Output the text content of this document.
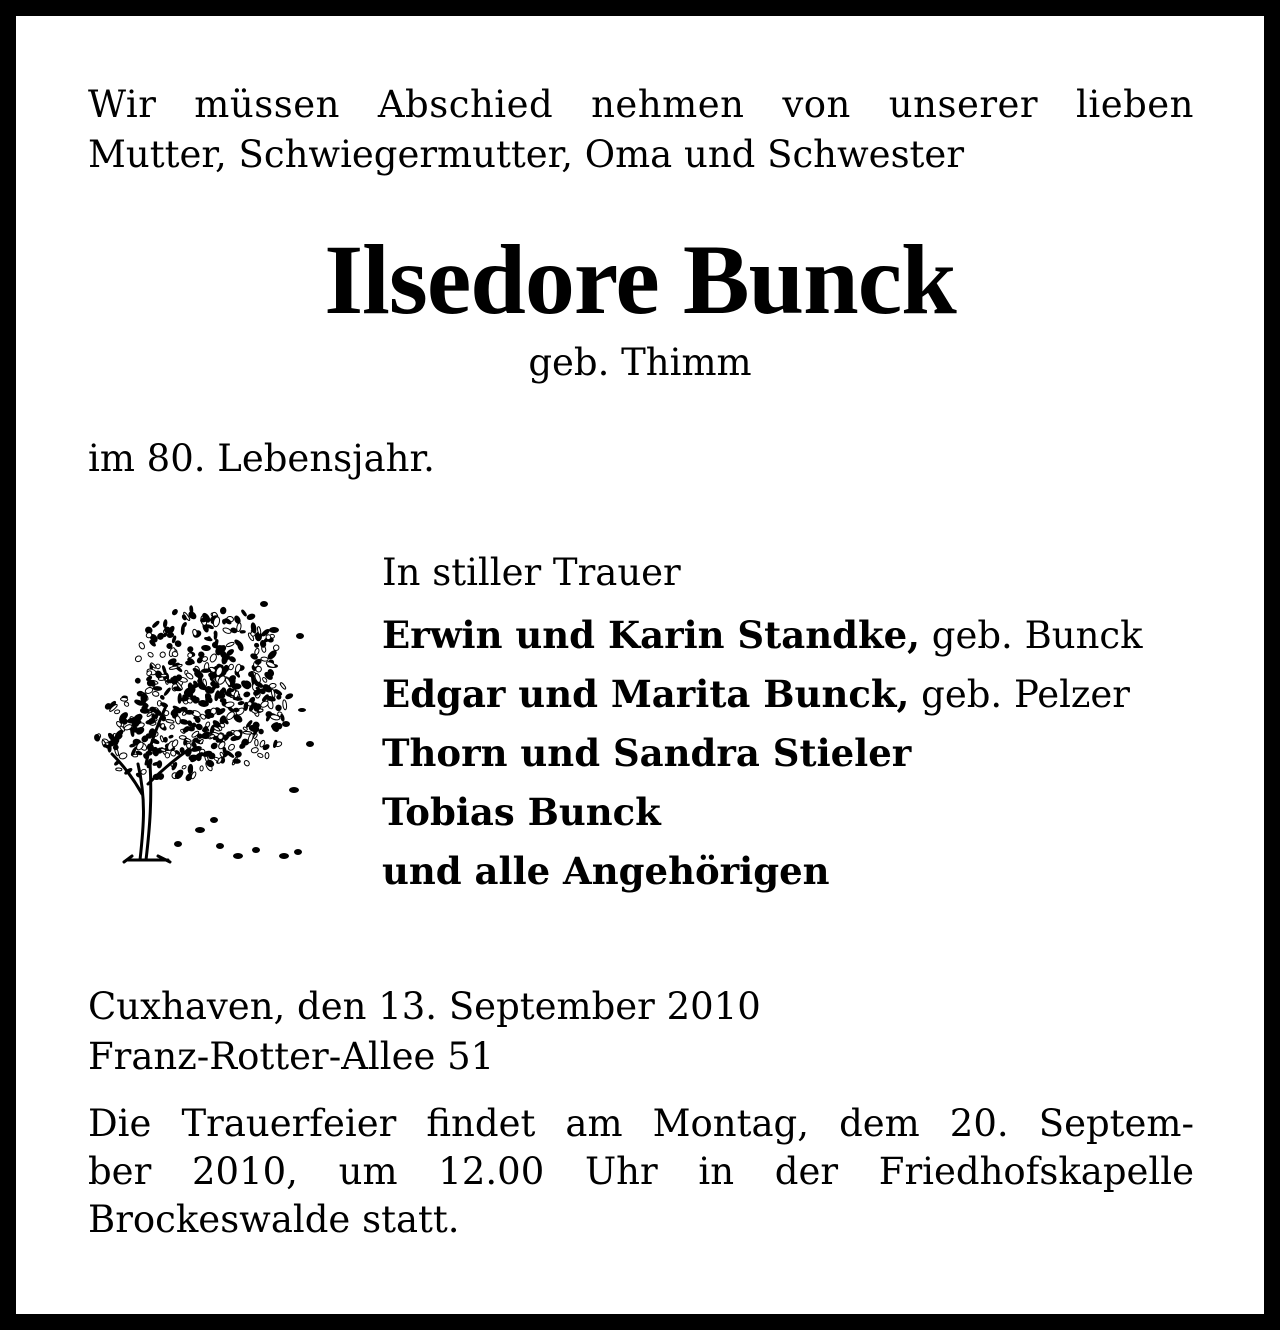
Wir müssen Abschied nehmen von unserer lieben
Mutter, Schwiegermutter, Oma und Schwester
Ilsedore Bunck
geb. Thimm
im 80. Lebensjahr.
In stiller Trauer
Erwin und Karin Standke, geb. Bunck
Edgar und Marita Bunck, geb. Pelzer
Thorn und Sandra Stieler
Tobias Bunck
und alle Angehörigen
Cuxhaven, den 13. September 2010
Franz-Rotter-Allee 51
Die Trauerfeier findet am Montag, dem 20. Septem-
ber 2010, um 12.00 Uhr in der Friedhofskapelle
Brockeswalde statt.
